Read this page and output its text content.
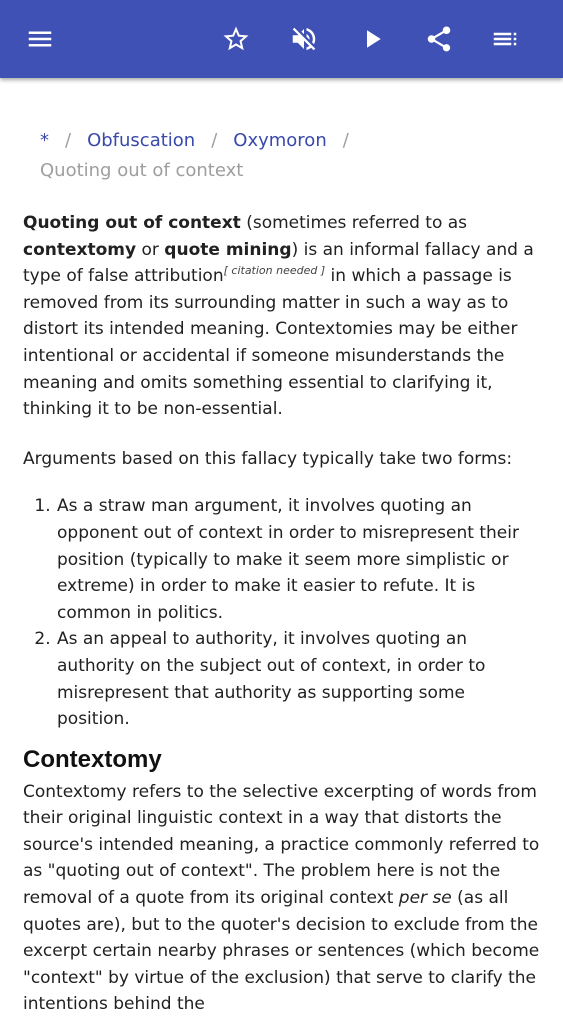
* / Obfuscation / Oxymoron /
Quoting out of context

Quoting out of context (sometimes referred to as contextomy or quote mining) is an informal fallacy and a type of false attribution[ citation needed ] in which a passage is removed from its surrounding matter in such a way as to distort its intended meaning. Contextomies may be either intentional or accidental if someone misunderstands the meaning and omits something essential to clarifying it, thinking it to be non-essential.

Arguments based on this fallacy typically take two forms:

1. As a straw man argument, it involves quoting an opponent out of context in order to misrepresent their position (typically to make it seem more simplistic or extreme) in order to make it easier to refute. It is common in politics.
2. As an appeal to authority, it involves quoting an authority on the subject out of context, in order to misrepresent that authority as supporting some position.
Contextomy

Contextomy refers to the selective excerpting of words from their original linguistic context in a way that distorts the source's intended meaning, a practice commonly referred to as "quoting out of context". The problem here is not the removal of a quote from its original context per se (as all quotes are), but to the quoter's decision to exclude from the excerpt certain nearby phrases or sentences (which become "context" by virtue of the exclusion) that serve to clarify the intentions behind the
